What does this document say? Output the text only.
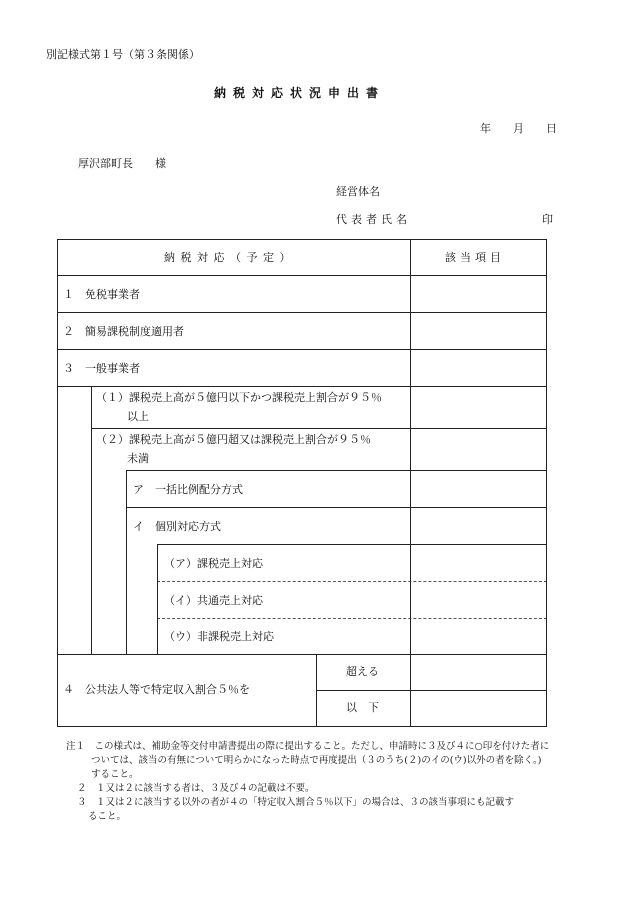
別記様式第１号（第３条関係）
納税対応状況申出書
年　　月　　日
厚沢部町長　　様
経営体名
代表者氏名	印
納 税 対 応 （ 予 定 ）	該当項目
１　免税事業者
２　簡易課税制度適用者
３　一般事業者
（１）課税売上高が５億円以下かつ課税売上割合が９５％
以上
（２）課税売上高が５億円超又は課税売上割合が９５％
未満
ア　一括比例配分方式
イ　個別対応方式
（ア）課税売上対応
（イ）共通売上対応
（ウ）非課税売上対応
４　公共法人等で特定収入割合５％を
超える
以　下
注１　この様式は、補助金等交付申請書提出の際に提出すること。ただし、申請時に３及び４に○印を付けた者に
ついては、該当の有無について明らかになった時点で再度提出（３のうち(２)のイの(ウ)以外の者を除く。)
すること。
２　１又は２に該当する者は、３及び４の記載は不要。
３　１又は２に該当する以外の者が４の「特定収入割合５％以下」の場合は、３の該当事項にも記載す
ること。
